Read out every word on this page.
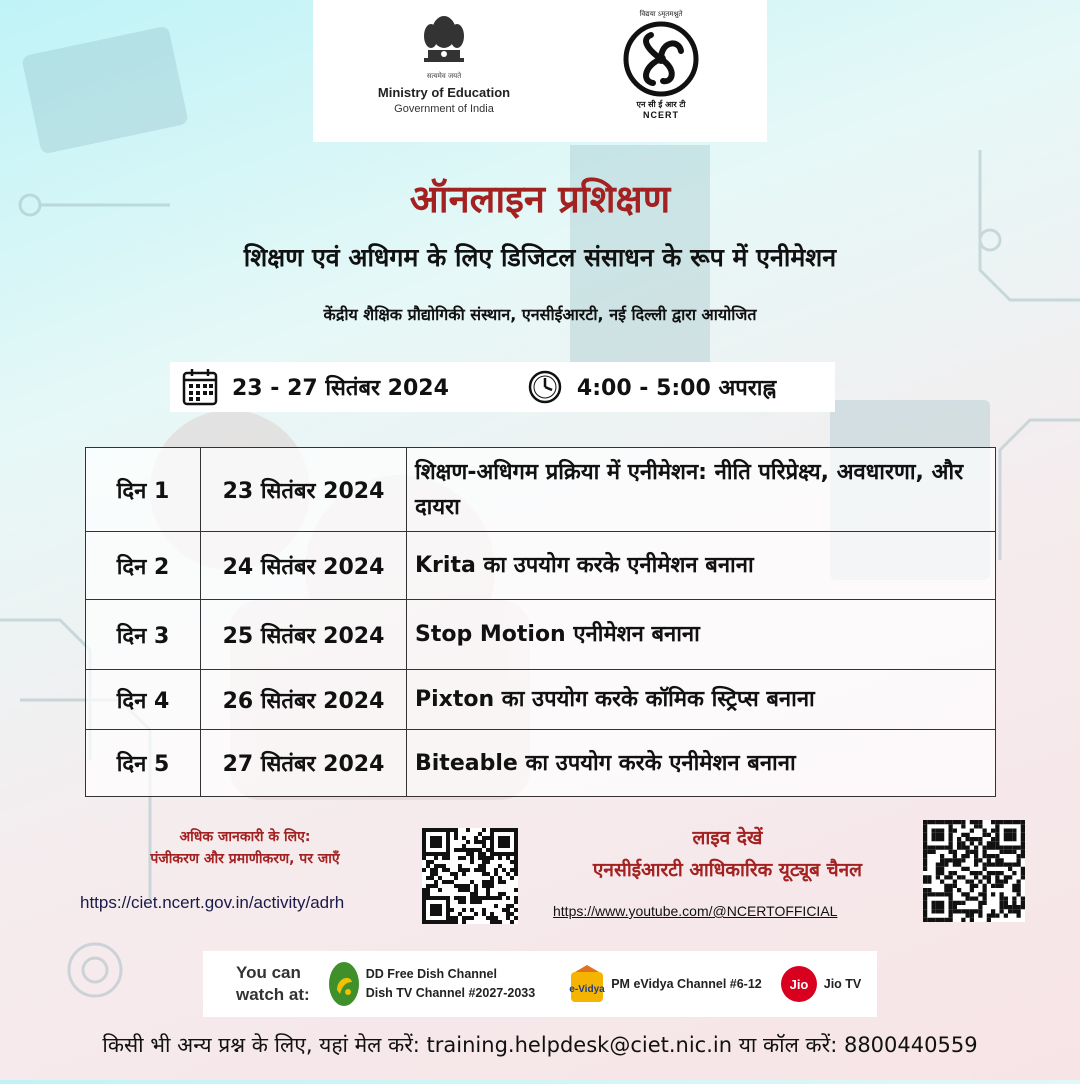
सत्यमेव जयते
Ministry of Education
Government of India
विद्यया ऽमृतमश्नुते
एन सी ई आर टी
NCERT
ऑनलाइन प्रशिक्षण
शिक्षण एवं अधिगम के लिए डिजिटल संसाधन के रूप में एनीमेशन
केंद्रीय शैक्षिक प्रौद्योगिकी संस्थान, एनसीईआरटी, नई दिल्ली द्वारा आयोजित
23 - 27 सितंबर 2024	4:00 - 5:00 अपराह्न
दिन 1	23 सितंबर 2024	शिक्षण-अधिगम प्रक्रिया में एनीमेशन: नीति परिप्रेक्ष्य, अवधारणा, और दायरा
दिन 2	24 सितंबर 2024	Krita का उपयोग करके एनीमेशन बनाना
दिन 3	25 सितंबर 2024	Stop Motion एनीमेशन बनाना
दिन 4	26 सितंबर 2024	Pixton का उपयोग करके कॉमिक स्ट्रिप्स बनाना
दिन 5	27 सितंबर 2024	Biteable का उपयोग करके एनीमेशन बनाना
अधिक जानकारी के लिए:
पंजीकरण और प्रमाणीकरण, पर जाएँ
https://ciet.ncert.gov.in/activity/adrh
लाइव देखें
एनसीईआरटी आधिकारिक यूट्यूब चैनल
https://www.youtube.com/@NCERTOFFICIAL
You can
watch at:
DD Free Dish Channel
Dish TV Channel #2027-2033	e-Vidya PM eVidya Channel #6-12 Jio Jio TV
किसी भी अन्य प्रश्न के लिए, यहां मेल करें: training.helpdesk@ciet.nic.in या कॉल करें: 8800440559
